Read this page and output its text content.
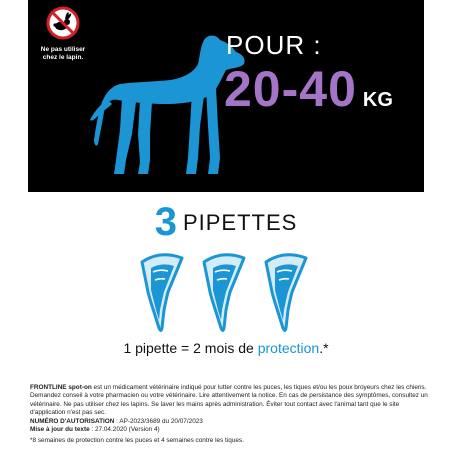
Ne pas utiliser
chez le lapin.	POUR :
20-40 KG
3 PIPETTES
1 pipette = 2 mois de protection.*

FRONTLINE spot-on est un médicament vétérinaire indiqué pour lutter contre les puces, les tiques et/ou les poux broyeurs chez les chiens. Demandez conseil à votre pharmacien ou votre vétérinaire. Lire attentivement la notice. En cas de persistance des symptômes, consultez un vétérinaire. Ne pas utiliser chez les lapins. Se laver les mains après administration. Éviter tout contact avec l'animal tant que le site d'application n'est pas sec.

NUMÉRO D'AUTORISATION : AP-2023/3689 du 20/07/2023

Mise à jour du texte : 27.04.2020 (Version 4)

*8 semaines de protection contre les puces et 4 semaines contre les tiques.
